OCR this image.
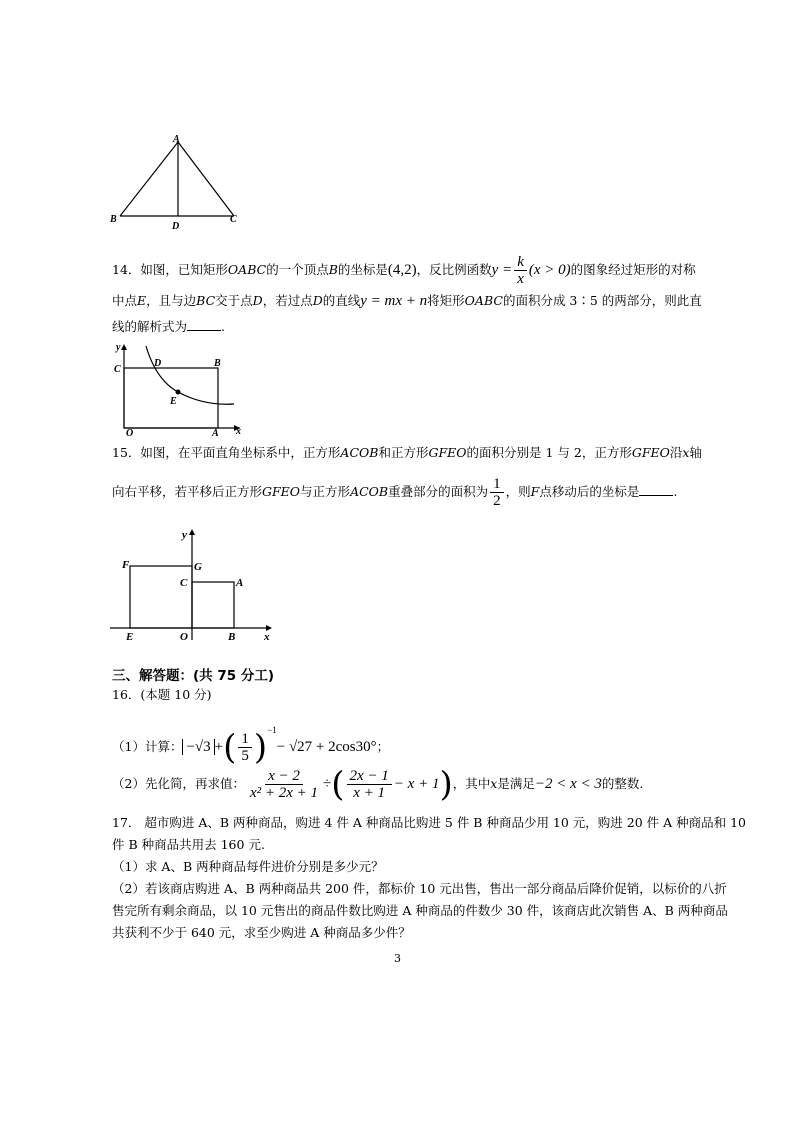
A
B	C
D
14．如图，已知矩形OABC的一个顶点B的坐标是(4,2)，反比例函数$y = \frac{k}{x} (x > 0)$的图象经过矩形的对称
中点E，且与边BC交于点D，若过点D的直线y = mx + n将矩形OABC的面积分成 3∶5 的两部分，则此直
线的解析式为	.
y
x
C
D	B
E
O	A
15．如图，在平面直角坐标系中，正方形ACOB和正方形GFEO的面积分别是 1 与 2，正方形GFEO沿x轴
向右平移，若平移后正方形GFEO与正方形ACOB重叠部分的面积为 $\frac{1}{2}$ ，则F点移动后的坐标是	.
y
x
F	G
C	A
E	O	B
三、解答题：(共 75 分工)
16．(本题 10 分)
（1）计算： −√3 +( $\frac{1}{5} )^{-1}- √27 + 2\cos 30^\circ$；
（2）先化简，再求值： $\frac{x - 2}{\text{x² + 2x + 1}}$ ÷( $\frac{2x - 1}{x + 1} - x + 1$)，其中x是满足−2 < x < 3的整数.
17． 超市购进 A、B 两种商品，购进 4 件 A 种商品比购进 5 件 B 种商品少用 10 元，购进 20 件 A 种商品和 10
件 B 种商品共用去 160 元.
（1）求 A、B 两种商品每件进价分别是多少元？
（2）若该商店购进 A、B 两种商品共 200 件，都标价 10 元出售，售出一部分商品后降价促销，以标价的八折
售完所有剩余商品，以 10 元售出的商品件数比购进 A 种商品的件数少 30 件，该商店此次销售 A、B 两种商品
共获利不少于 640 元，求至少购进 A 种商品多少件？
3
